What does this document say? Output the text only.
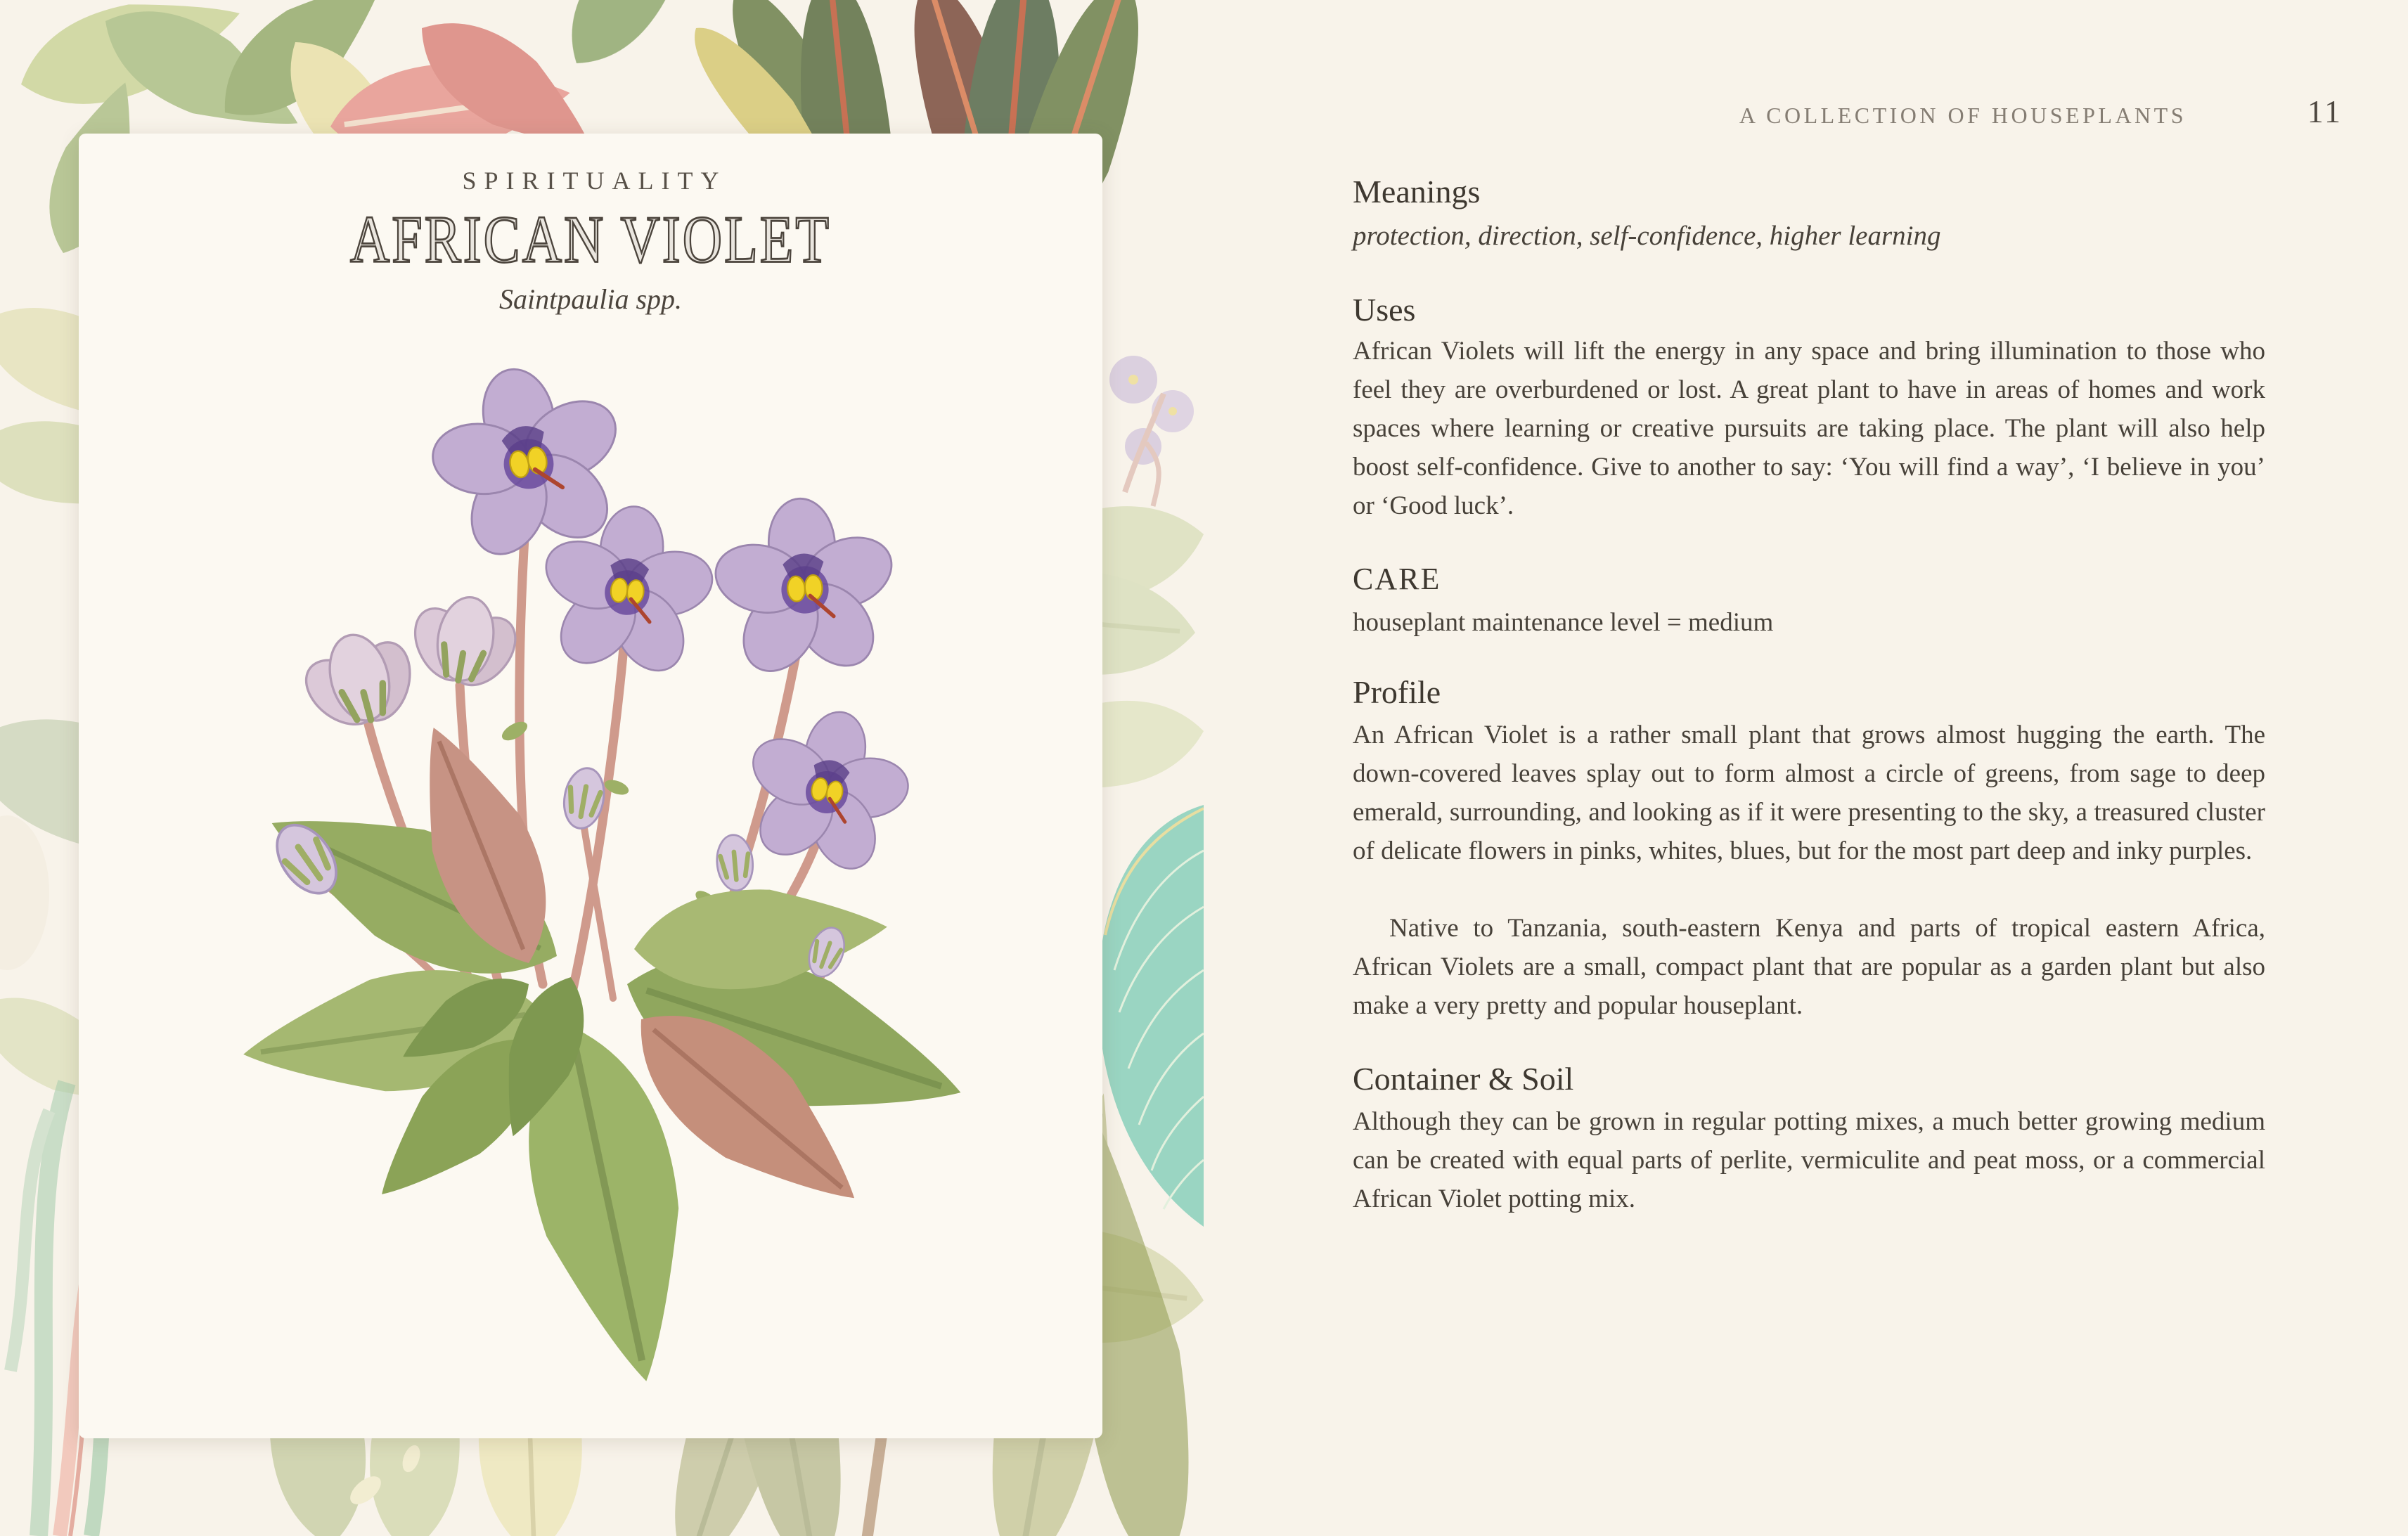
SPIRITUALITY
AFRICAN VIOLET
Saintpaulia spp.
A COLLECTION OF HOUSEPLANTS	11
Meanings
protection, direction, self-confidence, higher learning
Uses
African Violets will lift the energy in any space and bring illumination to those who feel they are overburdened or lost. A great plant to have in areas of homes and work spaces where learning or creative pursuits are taking place. The plant will also help boost self-confidence. Give to another to say: ‘You will find a way’, ‘I believe in you’ or ‘Good luck’.
CARE
houseplant maintenance level = medium
Profile
An African Violet is a rather small plant that grows almost hugging the earth. The down-covered leaves splay out to form almost a circle of greens, from sage to deep emerald, surrounding, and looking as if it were presenting to the sky, a treasured cluster of delicate flowers in pinks, whites, blues, but for the most part deep and inky purples.
Native to Tanzania, south-eastern Kenya and parts of tropical eastern Africa, African Violets are a small, compact plant that are popular as a garden plant but also make a very pretty and popular houseplant.
Container & Soil
Although they can be grown in regular potting mixes, a much better growing medium can be created with equal parts of perlite, vermiculite and peat moss, or a commercial African Violet potting mix.
